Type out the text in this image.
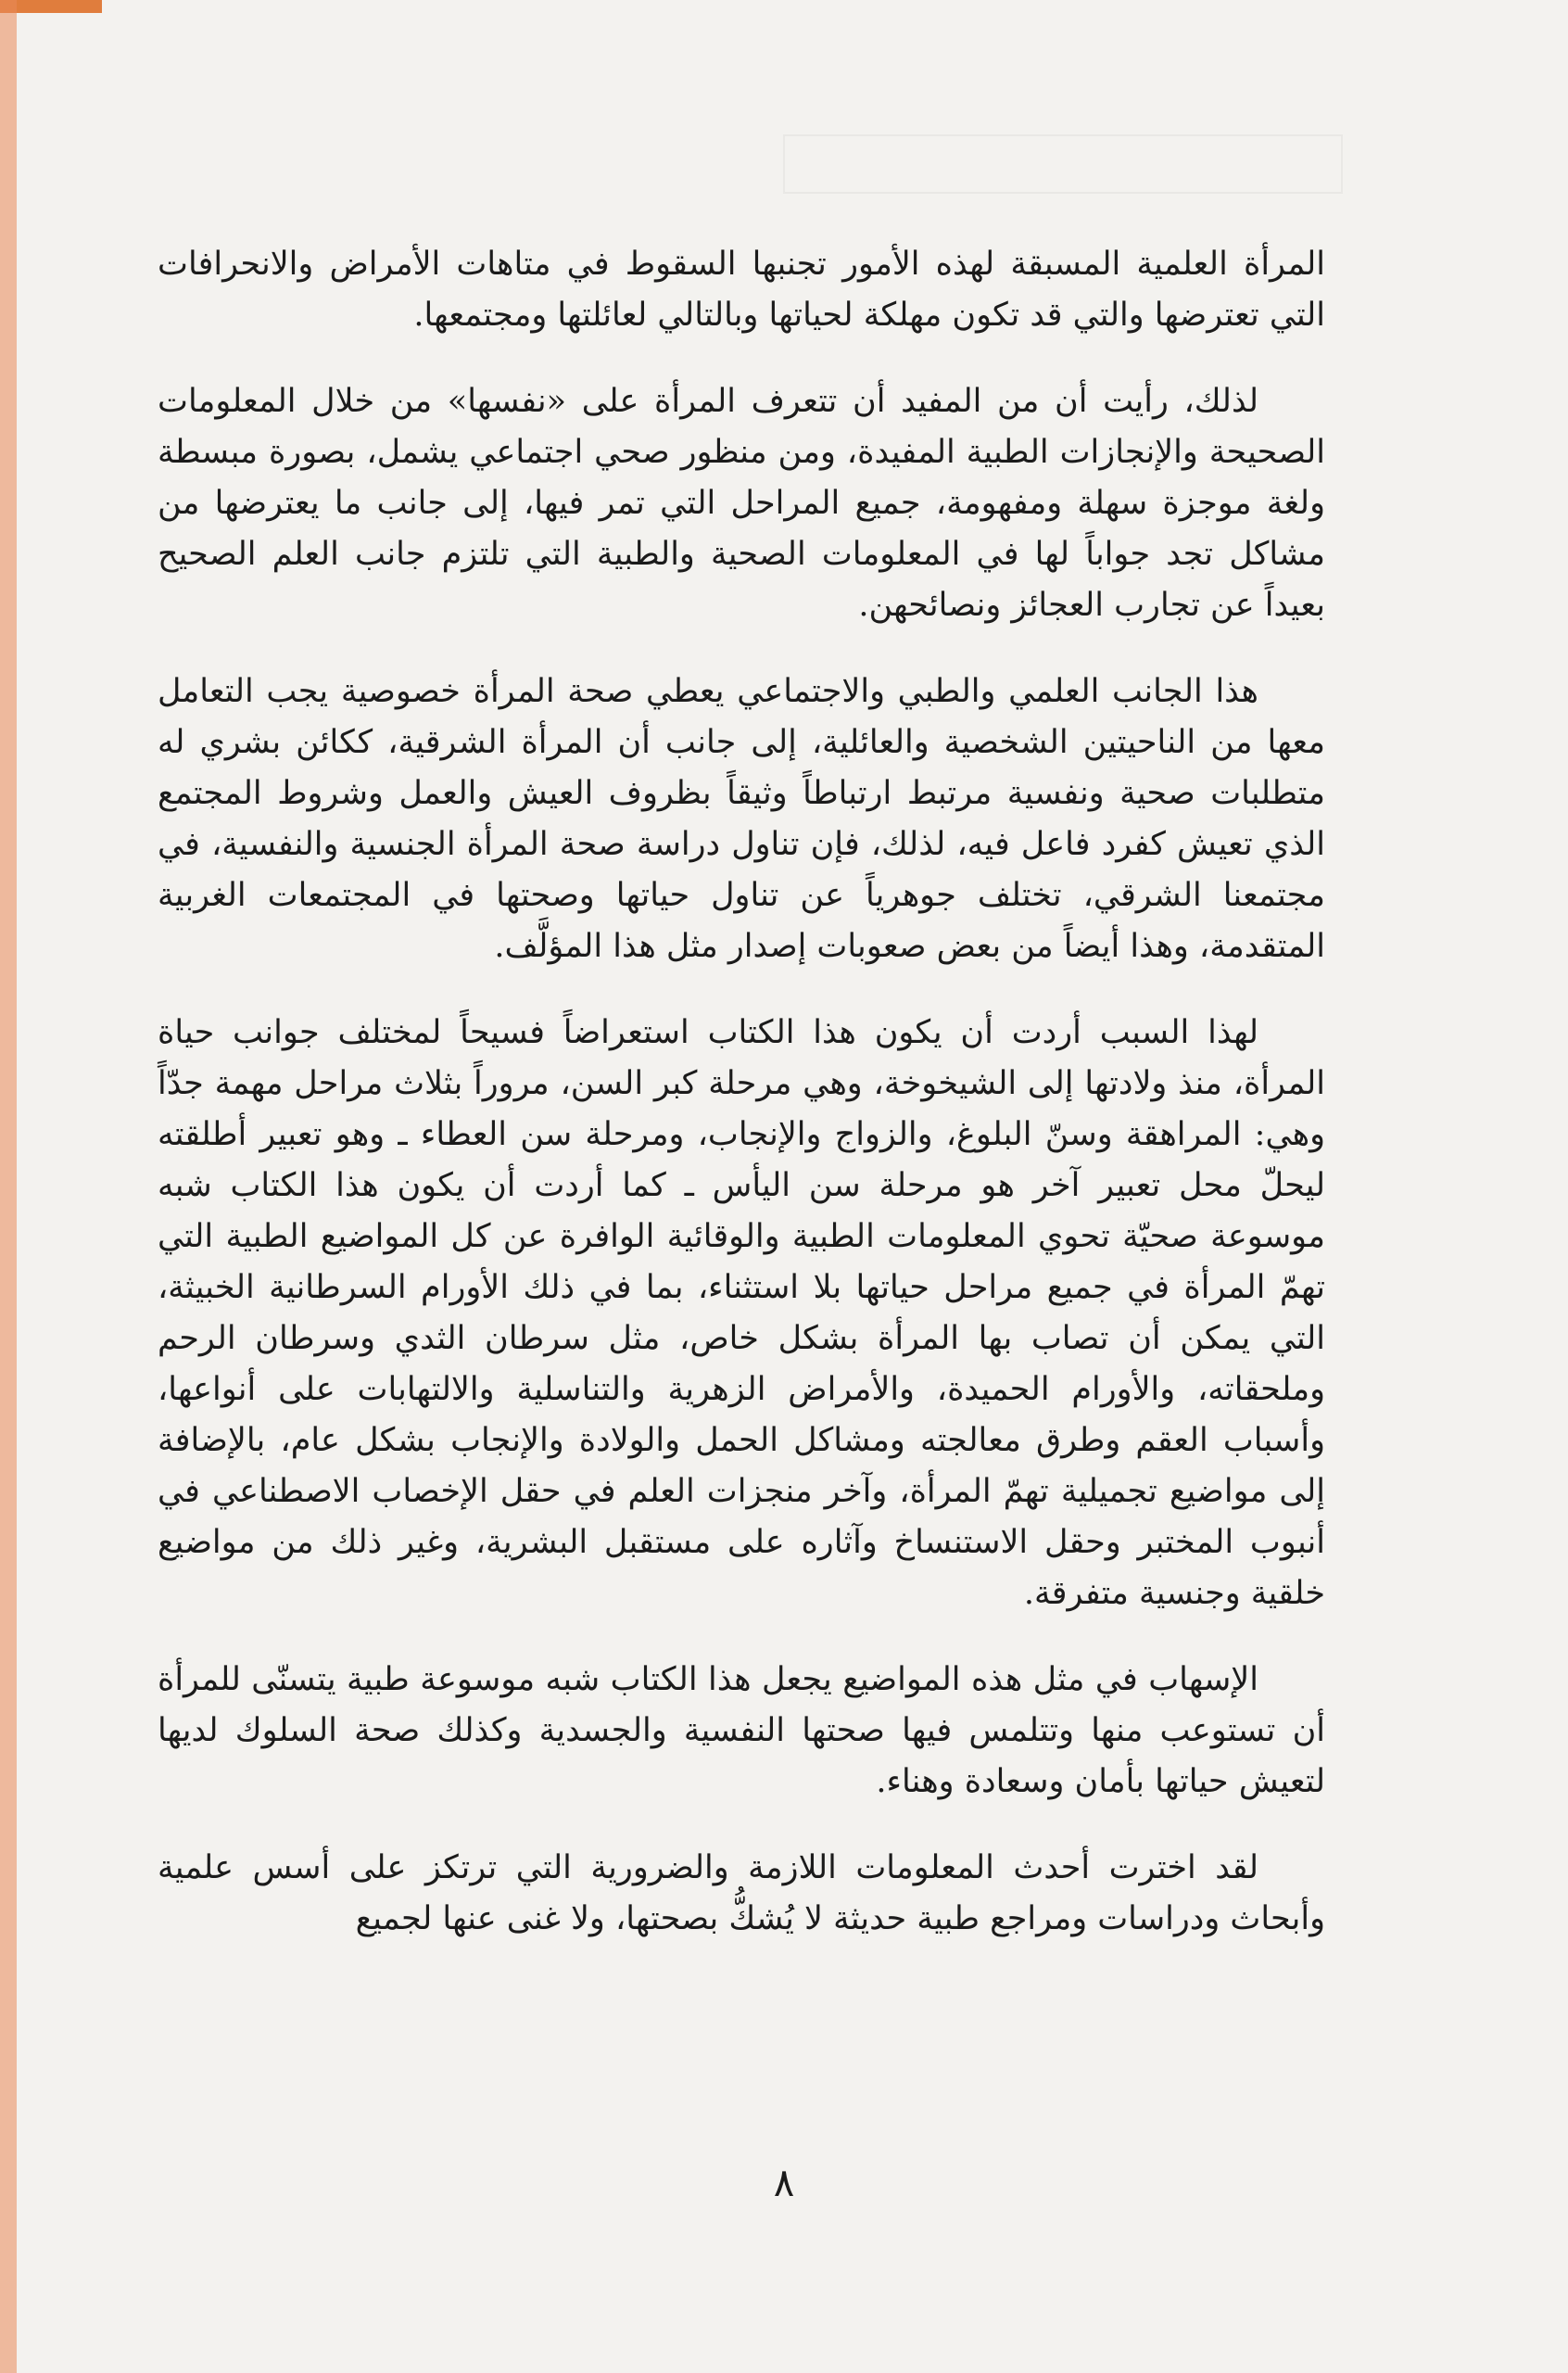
المرأة العلمية المسبقة لهذه الأمور تجنبها السقوط في متاهات الأمراض والانحرافات التي تعترضها والتي قد تكون مهلكة لحياتها وبالتالي لعائلتها ومجتمعها.

لذلك، رأيت أن من المفيد أن تتعرف المرأة على «نفسها» من خلال المعلومات الصحيحة والإنجازات الطبية المفيدة، ومن منظور صحي اجتماعي يشمل، بصورة مبسطة ولغة موجزة سهلة ومفهومة، جميع المراحل التي تمر فيها، إلى جانب ما يعترضها من مشاكل تجد جواباً لها في المعلومات الصحية والطبية التي تلتزم جانب العلم الصحيح بعيداً عن تجارب العجائز ونصائحهن.

هذا الجانب العلمي والطبي والاجتماعي يعطي صحة المرأة خصوصية يجب التعامل معها من الناحيتين الشخصية والعائلية، إلى جانب أن المرأة الشرقية، ككائن بشري له متطلبات صحية ونفسية مرتبط ارتباطاً وثيقاً بظروف العيش والعمل وشروط المجتمع الذي تعيش كفرد فاعل فيه، لذلك، فإن تناول دراسة صحة المرأة الجنسية والنفسية، في مجتمعنا الشرقي، تختلف جوهرياً عن تناول حياتها وصحتها في المجتمعات الغربية المتقدمة، وهذا أيضاً من بعض صعوبات إصدار مثل هذا المؤلَّف.

لهذا السبب أردت أن يكون هذا الكتاب استعراضاً فسيحاً لمختلف جوانب حياة المرأة، منذ ولادتها إلى الشيخوخة، وهي مرحلة كبر السن، مروراً بثلاث مراحل مهمة جدّاً وهي: المراهقة وسنّ البلوغ، والزواج والإنجاب، ومرحلة سن العطاء ـ وهو تعبير أطلقته ليحلّ محل تعبير آخر هو مرحلة سن اليأس ـ كما أردت أن يكون هذا الكتاب شبه موسوعة صحيّة تحوي المعلومات الطبية والوقائية الوافرة عن كل المواضيع الطبية التي تهمّ المرأة في جميع مراحل حياتها بلا استثناء، بما في ذلك الأورام السرطانية الخبيثة، التي يمكن أن تصاب بها المرأة بشكل خاص، مثل سرطان الثدي وسرطان الرحم وملحقاته، والأورام الحميدة، والأمراض الزهرية والتناسلية والالتهابات على أنواعها، وأسباب العقم وطرق معالجته ومشاكل الحمل والولادة والإنجاب بشكل عام، بالإضافة إلى مواضيع تجميلية تهمّ المرأة، وآخر منجزات العلم في حقل الإخصاب الاصطناعي في أنبوب المختبر وحقل الاستنساخ وآثاره على مستقبل البشرية، وغير ذلك من مواضيع خلقية وجنسية متفرقة.

الإسهاب في مثل هذه المواضيع يجعل هذا الكتاب شبه موسوعة طبية يتسنّى للمرأة أن تستوعب منها وتتلمس فيها صحتها النفسية والجسدية وكذلك صحة السلوك لديها لتعيش حياتها بأمان وسعادة وهناء.

لقد اخترت أحدث المعلومات اللازمة والضرورية التي ترتكز على أسس علمية وأبحاث ودراسات ومراجع طبية حديثة لا يُشكُّ بصحتها، ولا غنى عنها لجميع

٨
